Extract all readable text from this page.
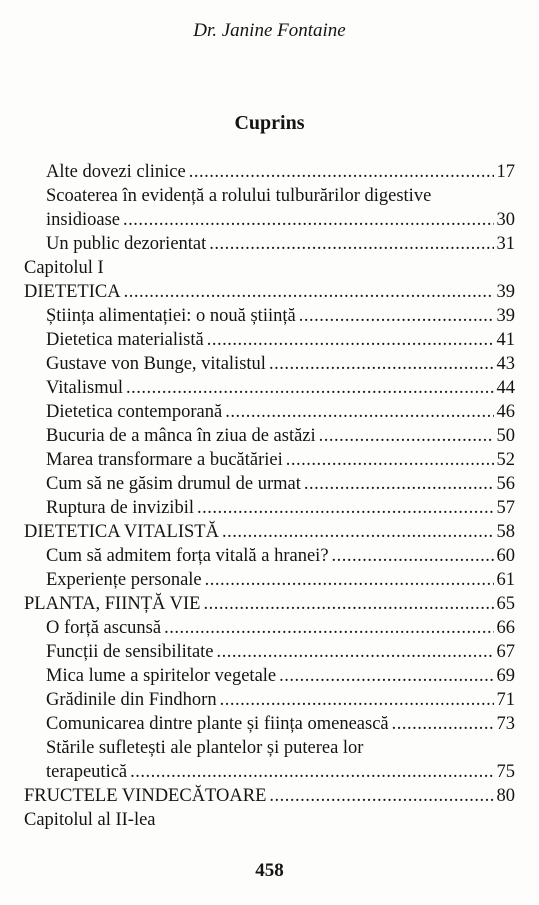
Dr. Janine Fontaine
Cuprins
Alte dovezi clinice .....	17
Scoaterea în evidență a rolului tulburărilor digestive
insidioase .....	30
Un public dezorientat .....	31
Capitolul I
DIETETICA .....	39
Știința alimentației: o nouă știință .....	39
Dietetica materialistă .....	41
Gustave von Bunge, vitalistul .....	43
Vitalismul .....	44
Dietetica contemporană .....	46
Bucuria de a mânca în ziua de astăzi .....	50
Marea transformare a bucătăriei .....	52
Cum să ne găsim drumul de urmat .....	56
Ruptura de invizibil .....	57
DIETETICA VITALISTĂ .....	58
Cum să admitem forța vitală a hranei? .....	60
Experiențe personale .....	61
PLANTA, FIINȚĂ VIE .....	65
O forță ascunsă .....	66
Funcții de sensibilitate .....	67
Mica lume a spiritelor vegetale .....	69
Grădinile din Findhorn .....	71
Comunicarea dintre plante și ființa omenească .....	73
Stările sufletești ale plantelor și puterea lor
terapeutică .....	75
FRUCTELE VINDECĂTOARE .....	80
Capitolul al II-lea
458
